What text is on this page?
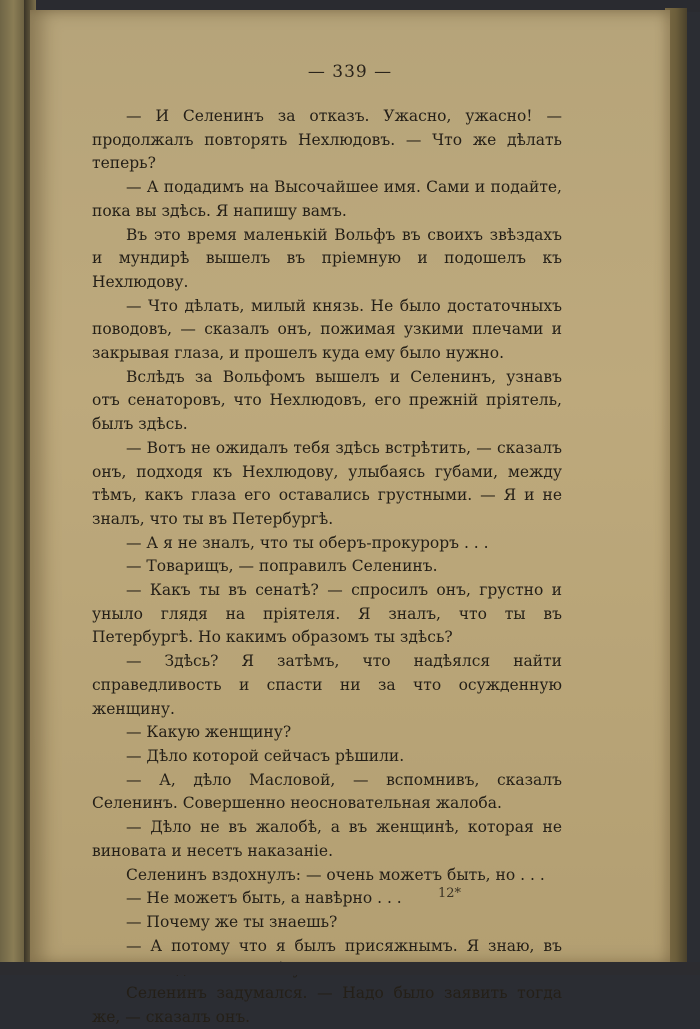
— 339 —

— И Селенинъ за отказъ. Ужасно, ужасно! — продолжалъ повторять Нехлюдовъ. — Что же дѣлать теперь?

— А подадимъ на Высочайшее имя. Сами и подайте, пока вы здѣсь. Я напишу вамъ.

Въ это время маленькій Вольфъ въ своихъ звѣздахъ и мундирѣ вышелъ въ пріемную и подошелъ къ Нехлюдову.

— Что дѣлать, милый князь. Не было достаточныхъ поводовъ, — сказалъ онъ, пожимая узкими плечами и закрывая глаза, и прошелъ куда ему было нужно.

Вслѣдъ за Вольфомъ вышелъ и Селенинъ, узнавъ отъ сенаторовъ, что Нехлюдовъ, его прежній пріятель, былъ здѣсь.

— Вотъ не ожидалъ тебя здѣсь встрѣтить, — сказалъ онъ, подходя къ Нехлюдову, улыбаясь губами, между тѣмъ, какъ глаза его оставались грустными. — Я и не зналъ, что ты въ Петербургѣ.

— А я не зналъ, что ты оберъ-прокуроръ . . .

— Товарищъ, — поправилъ Селенинъ.

— Какъ ты въ сенатѣ? — спросилъ онъ, грустно и уныло глядя на пріятеля. Я зналъ, что ты въ Петербургѣ. Но какимъ образомъ ты здѣсь?

— Здѣсь? Я затѣмъ, что надѣялся найти справедливость и спасти ни за что осужденную женщину.

— Какую женщину?

— Дѣло которой сейчасъ рѣшили.

— А, дѣло Масловой, — вспомнивъ, сказалъ Селенинъ. Совершенно неосновательная жалоба.

— Дѣло не въ жалобѣ, а въ женщинѣ, которая не виновата и несетъ наказаніе.

Селенинъ вздохнулъ: — очень можетъ быть, но . . .

— Не можетъ быть, а навѣрно . . .

— Почему же ты знаешь?

— А потому что я былъ присяжнымъ. Я знаю, въ

Селенинъ задумался. — Надо было заявить тогда же, — сказалъ онъ.

12*
